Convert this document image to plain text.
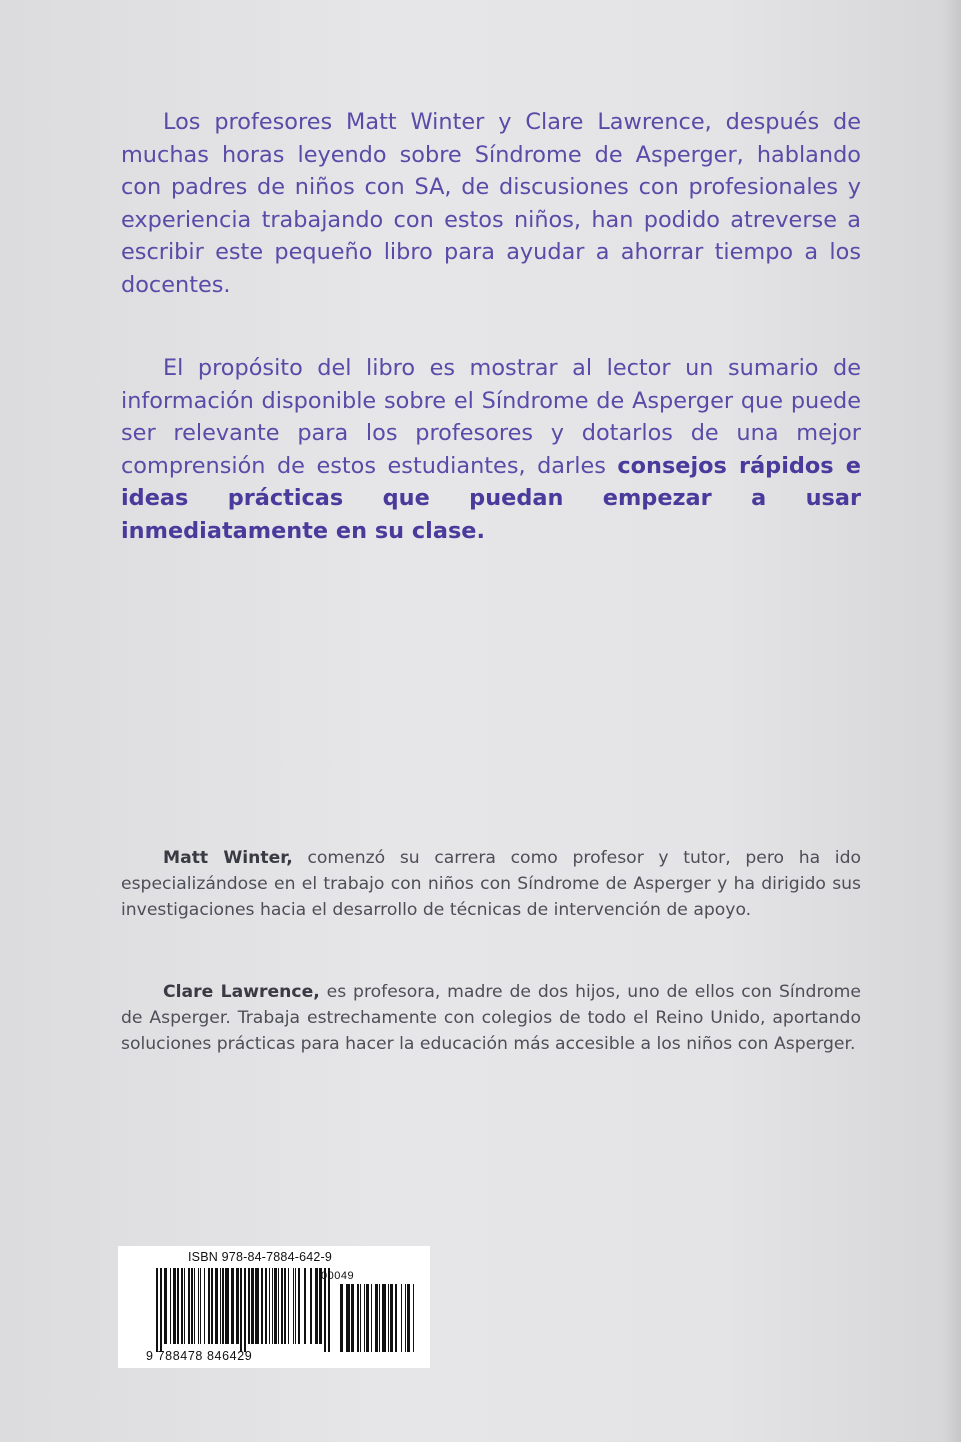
Los profesores Matt Winter y Clare Lawrence, después de muchas horas leyendo sobre Síndrome de Asperger, hablando con padres de niños con SA, de discusiones con profesionales y experiencia trabajando con estos niños, han podido atreverse a escribir este pequeño libro para ayudar a ahorrar tiempo a los docentes.

El propósito del libro es mostrar al lector un sumario de información disponible sobre el Síndrome de Asperger que puede ser relevante para los profesores y dotarlos de una mejor comprensión de estos estudiantes, darles consejos rápidos e ideas prácticas que puedan empezar a usar inmediatamente en su clase.

Matt Winter, comenzó su carrera como profesor y tutor, pero ha ido especializándose en el trabajo con niños con Síndrome de Asperger y ha dirigido sus investigaciones hacia el desarrollo de técnicas de intervención de apoyo.

Clare Lawrence, es profesora, madre de dos hijos, uno de ellos con Síndrome de Asperger. Trabaja estrechamente con colegios de todo el Reino Unido, aportando soluciones prácticas para hacer la educación más accesible a los niños con Asperger.

ISBN 978-84-7884-642-9
00049
9 788478 846429
